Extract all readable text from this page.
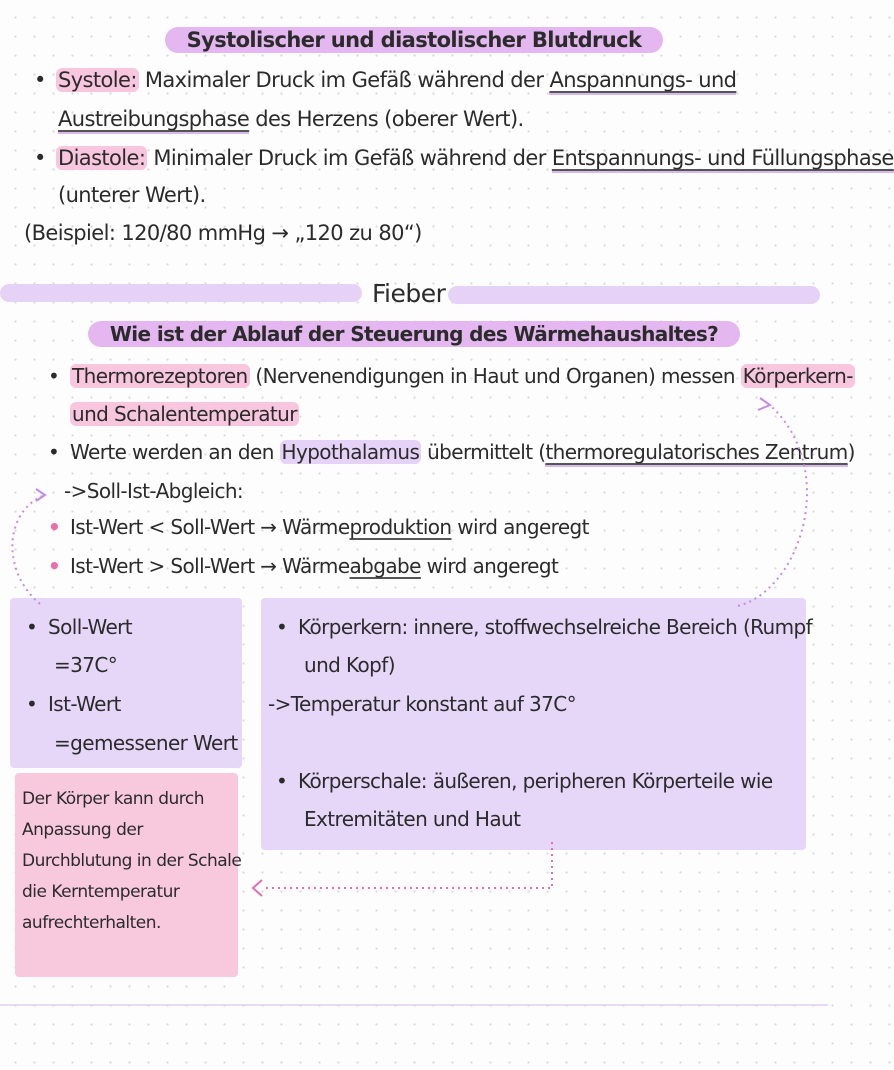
Systolischer und diastolischer Blutdruck
• Systole: Maximaler Druck im Gefäß während der Anspannungs- und
Austreibungsphase des Herzens (oberer Wert).
• Diastole: Minimaler Druck im Gefäß während der Entspannungs- und Füllungsphase
(unterer Wert).
(Beispiel: 120/80 mmHg → „120 zu 80“)
Fieber
Wie ist der Ablauf der Steuerung des Wärmehaushaltes?
• Thermorezeptoren (Nervenendigungen in Haut und Organen) messen Körperkern-
und Schalentemperatur
• Werte werden an den Hypothalamus übermittelt (thermoregulatorisches Zentrum)
->Soll-Ist-Abgleich:
• Ist-Wert < Soll-Wert → Wärmeproduktion wird angeregt
• Ist-Wert > Soll-Wert → Wärmeabgabe wird angeregt
• Soll-Wert
=37C°
• Ist-Wert
=gemessener Wert
• Körperkern: innere, stoffwechselreiche Bereich (Rumpf
und Kopf)
->Temperatur konstant auf 37C°
• Körperschale: äußeren, peripheren Körperteile wie
Extremitäten und Haut
Der Körper kann durch
Anpassung der
Durchblutung in der Schale
die Kerntemperatur
aufrechterhalten.
